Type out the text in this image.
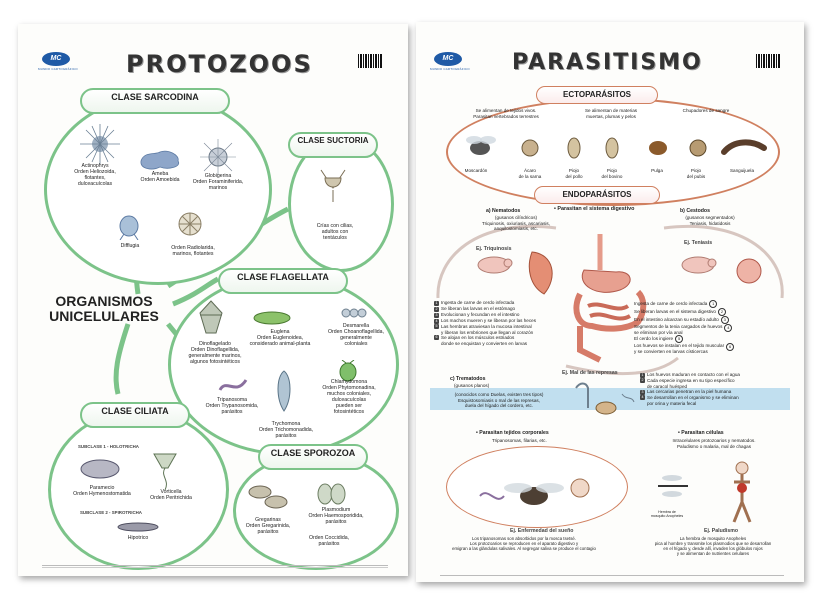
MC
MUNDO CARTOGRÁFICO PROTOZOOS
CLASE SARCODINA
Actinophrys
Orden Heliozoida,
flotantes,
dulceacuícolas
Ameba
Orden Amoebida
Globigerina
Orden Foraminiferida,
marinos
Difflugia	Orden Radiolarida,
marinos, flotantes
CLASE SUCTORIA
Crías con cilias,
adultos con
tentáculos
ORGANISMOS UNICELULARES
CLASE FLAGELLATA
Dinoflagelado
Orden Dinoflagellida,
generalmente marinos,
algunos fotosintéticos
Euglena
Orden Euglenoidea,
considerado animal-planta
Desmarella
Orden Choanoflagellida,
generalmente
coloniales
Tripanosoma
Orden Trypanosomida,
parásitos
Trychomona
Orden Trichomonadida,
parásitos
Chlamydomona
Orden Phytomonadina,
muchos coloniales,
dulceacuícolas
pueden ser
fotosintéticos
CLASE CILIATA
SUBCLASE 1 - HOLOTRICHA
Paramecio
Orden Hymenostomatida	Vorticella
Orden Peritrichida
SUBCLASE 2 - SPIROTRICHA
Hipotrico
CLASE SPOROZOA
Gregarinas
Orden Gregarinida,
parásitos
Plasmodium
Orden Haemosporidida,
parásitos
Orden Coccidida,
parásitos
MC
MUNDO CARTOGRÁFICO PARASITISMO
ECTOPARÁSITOS
Se alimentan de tejidos vivos.
Parasitan vertebrados terrestres
Se alimentan de materias
muertas, plumas y pelos
Chupadores de sangre
Moscardón	Ácaro
de la sarna
Piojo
del pollo
Piojo
del bovino
Pulga	Piojo
del pubis
Sanguijuela
ENDOPARÁSITOS
• Parasitan el sistema digestivo
a) Nematodos
(gusanos cilíndricos)
Triquinosis, oxiuriasis, ascariasis,
anquilostomiasis, etc.
Ej. Triquinosis
1 Ingesta de carne de cerdo infectada
2 Se liberan las larvas en el estómago
3 Evolucionan y fecundan en el intestino
4 Los machos mueren y se liberan por las heces
5 Las hembras atraviesan la mucosa intestinal
y liberan los embriones que llegan al corazón
6 Se alojan en los músculos estriados
donde se enquistan y convierten en larvas
b) Cestodos
(gusanos segmentados)
Teniasis, hidatidosis
Ej. Teniasis
Ingesta de carne de cerdo infectada 1
Se liberan larvas en el sistema digestivo 2
En el intestino alcanzan su estadío adulto 3
Segmentos de la tenia cargados de huevos
se eliminan por vía anal
4
El cerdo los ingiere 5
Los huevos se instalan en el tejido muscular
y se convierten en larvas císticercas
6
c) Trematodos
(gusanos planos)
Ej. Mal de las represas
(conocidos como Duelas, existen tres tipos)
Esquistosomiasis o mal de las represas,
duela del hígado del cordero, etc.
1 Los huevos maduran en contacto con el agua
2 Cada especie ingresa en su tipo específico
de caracol huésped
3 Las cercarias penetran en la piel humana
4 Se desarrollan en el organismo y se eliminan
por orina y materia fecal
• Parasitan tejidos corporales
Tripanosomas, filarias, etc.
Ej. Enfermedad del sueño
Los tripanosomas son absorbidos por la mosca tsetsé.
Los protozoarios se reproducen en el aparato digestivo y
emigran a las glándulas salivales. Al segregar saliva se produce el contagio
• Parasitan células
Intracelulares protozoarios y nematodos.
Paludismo o malaria, mal de chagas
Hembra de
mosquito Anopheles
Ej. Paludismo
La hembra de mosquito Anopheles
pica al hombre y transmite los plasmodios que se desarrollan
en el hígado y, desde allí, invaden los glóbulos rojos
y se alimentan de nutrientes celulares
